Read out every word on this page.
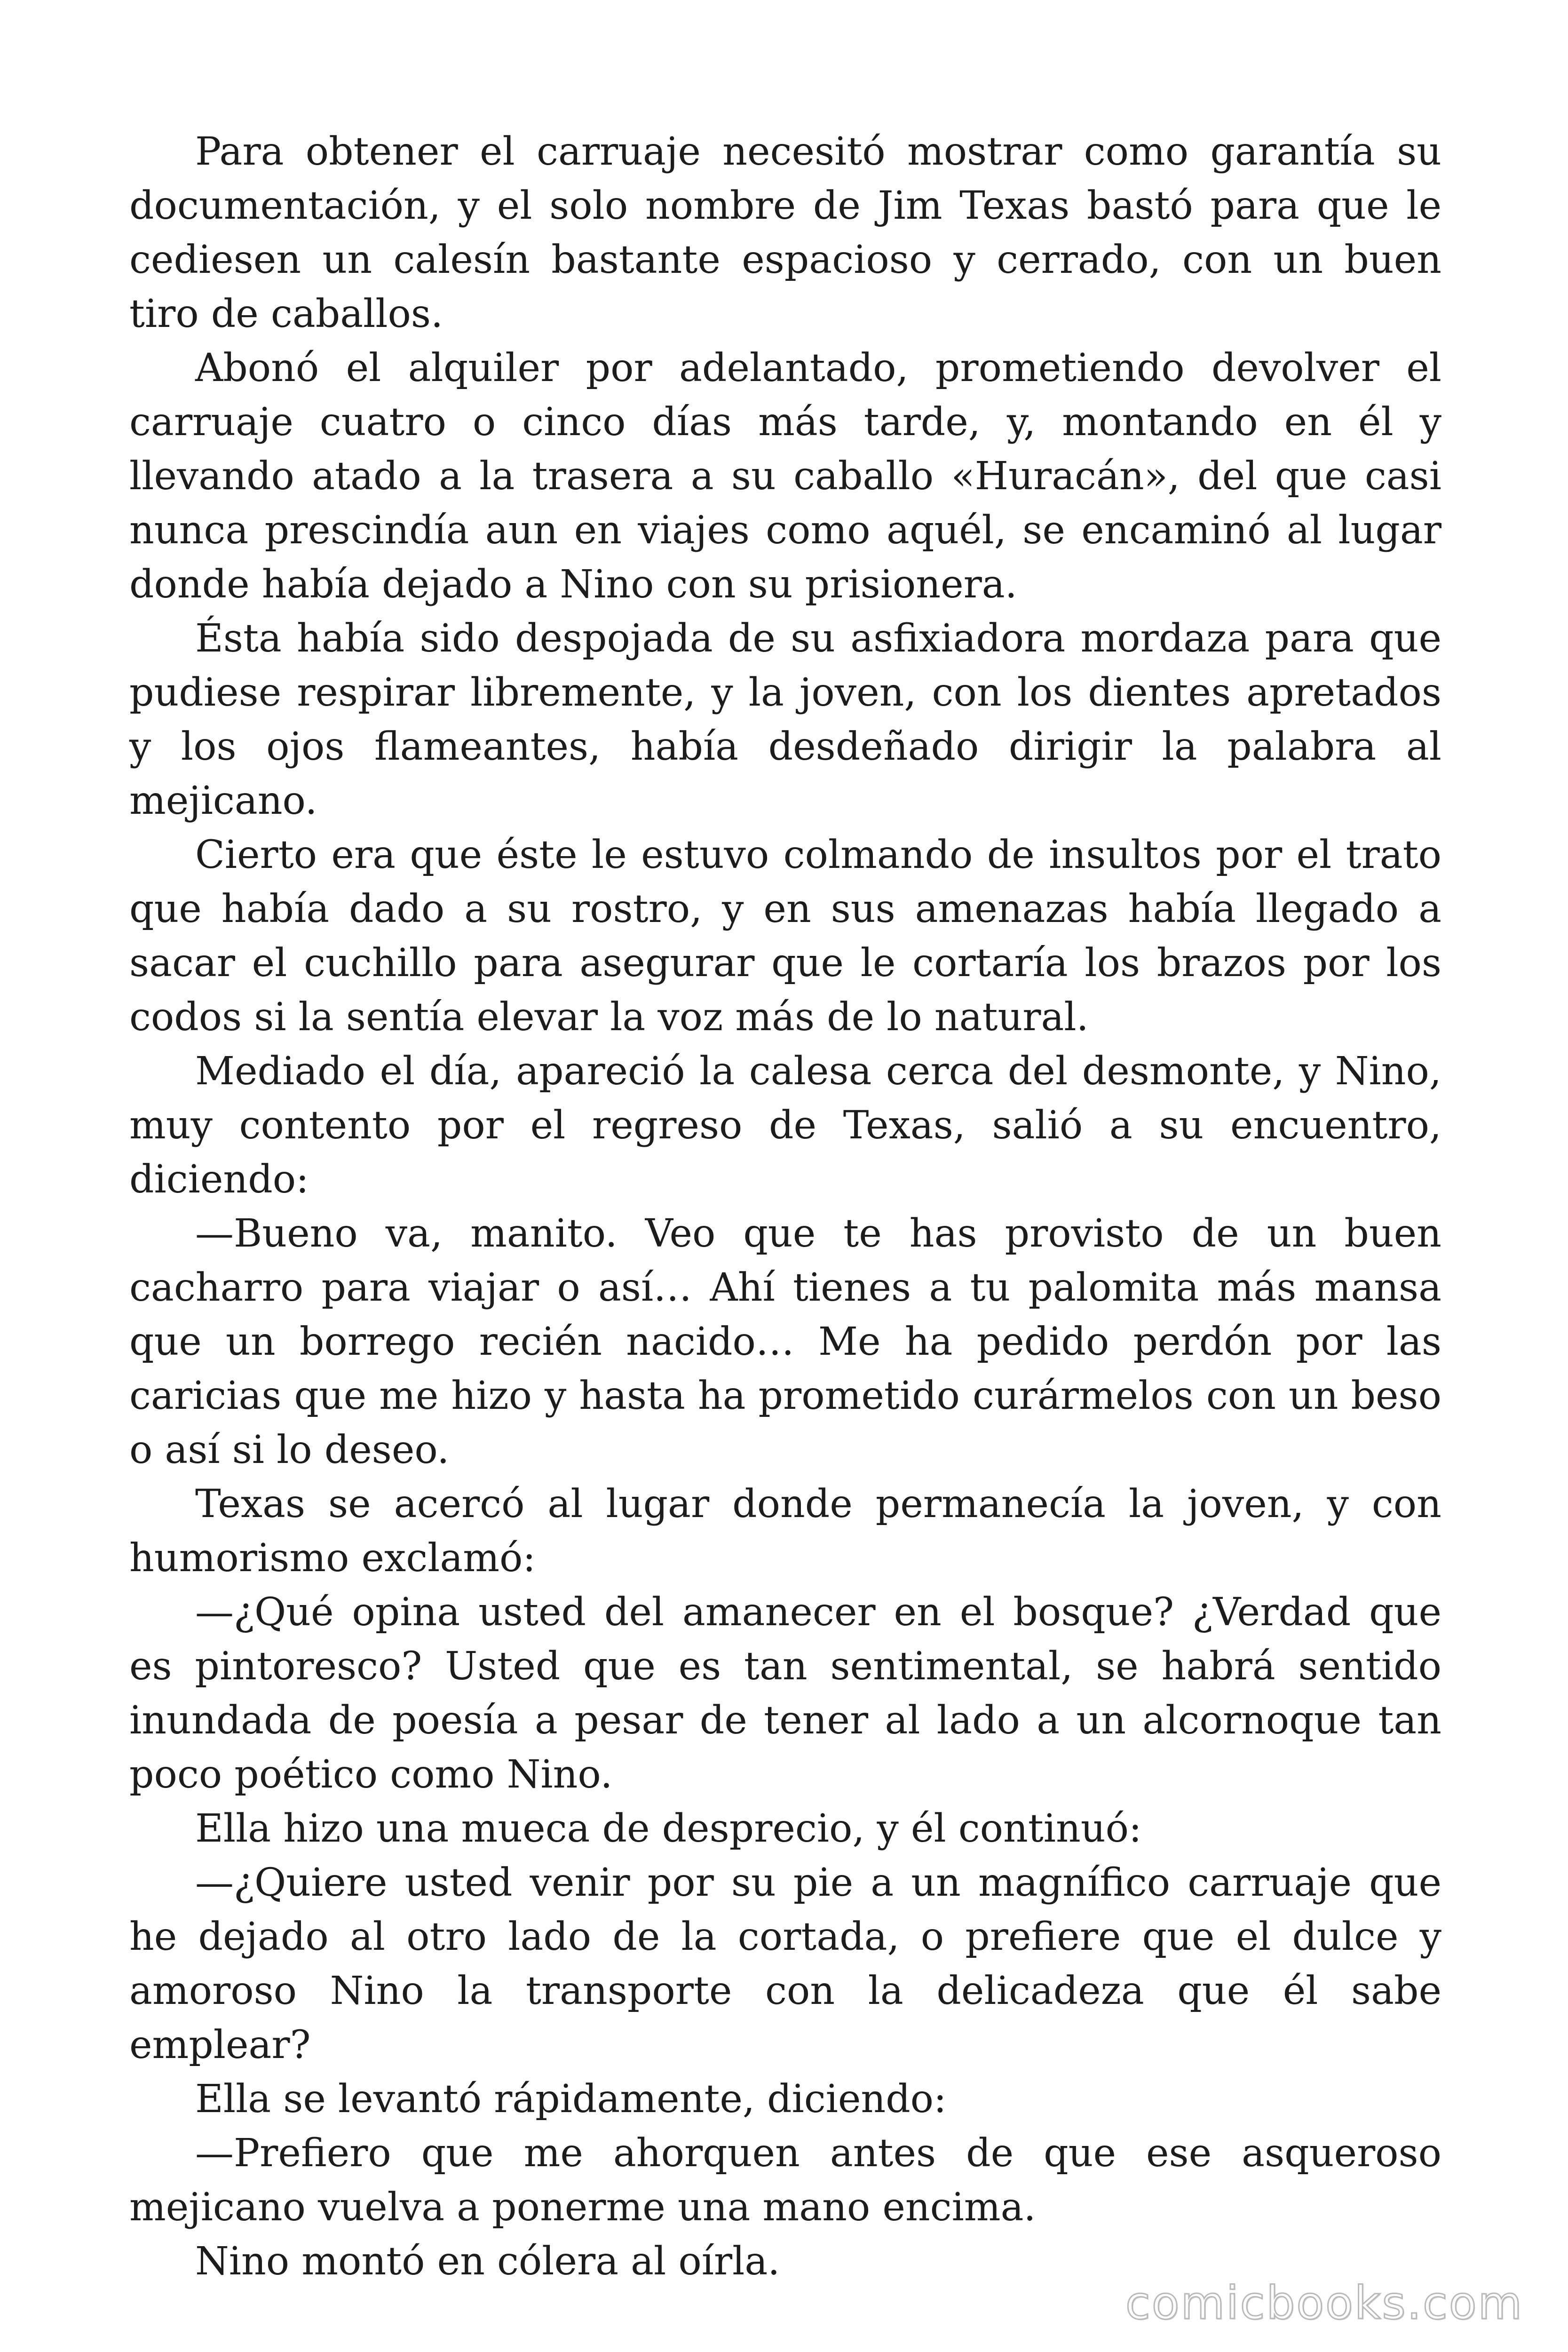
Para obtener el carruaje necesitó mostrar como garantía su documentación, y el solo nombre de Jim Texas bastó para que le cediesen un calesín bastante espacioso y cerrado, con un buen tiro de caballos.

Abonó el alquiler por adelantado, prometiendo devolver el carruaje cuatro o cinco días más tarde, y, montando en él y llevando atado a la trasera a su caballo «Huracán», del que casi nunca prescindía aun en viajes como aquél, se encaminó al lugar donde había dejado a Nino con su prisionera.

Ésta había sido despojada de su asfixiadora mordaza para que pudiese respirar libremente, y la joven, con los dientes apretados y los ojos flameantes, había desdeñado dirigir la palabra al mejicano.

Cierto era que éste le estuvo colmando de insultos por el trato que había dado a su rostro, y en sus amenazas había llegado a sacar el cuchillo para asegurar que le cortaría los brazos por los codos si la sentía elevar la voz más de lo natural.

Mediado el día, apareció la calesa cerca del desmonte, y Nino, muy contento por el regreso de Texas, salió a su encuentro, diciendo:

—Bueno va, manito. Veo que te has provisto de un buen cacharro para viajar o así… Ahí tienes a tu palomita más mansa que un borrego recién nacido… Me ha pedido perdón por las caricias que me hizo y hasta ha prometido curármelos con un beso o así si lo deseo.

Texas se acercó al lugar donde permanecía la joven, y con humorismo exclamó:

—¿Qué opina usted del amanecer en el bosque? ¿Verdad que es pintoresco? Usted que es tan sentimental, se habrá sentido inundada de poesía a pesar de tener al lado a un alcornoque tan poco poético como Nino.

Ella hizo una mueca de desprecio, y él continuó:

—¿Quiere usted venir por su pie a un magnífico carruaje que he dejado al otro lado de la cortada, o prefiere que el dulce y amoroso Nino la transporte con la delicadeza que él sabe emplear?

Ella se levantó rápidamente, diciendo:

—Prefiero que me ahorquen antes de que ese asqueroso mejicano vuelva a ponerme una mano encima.

Nino montó en cólera al oírla.

comicbooks.com
